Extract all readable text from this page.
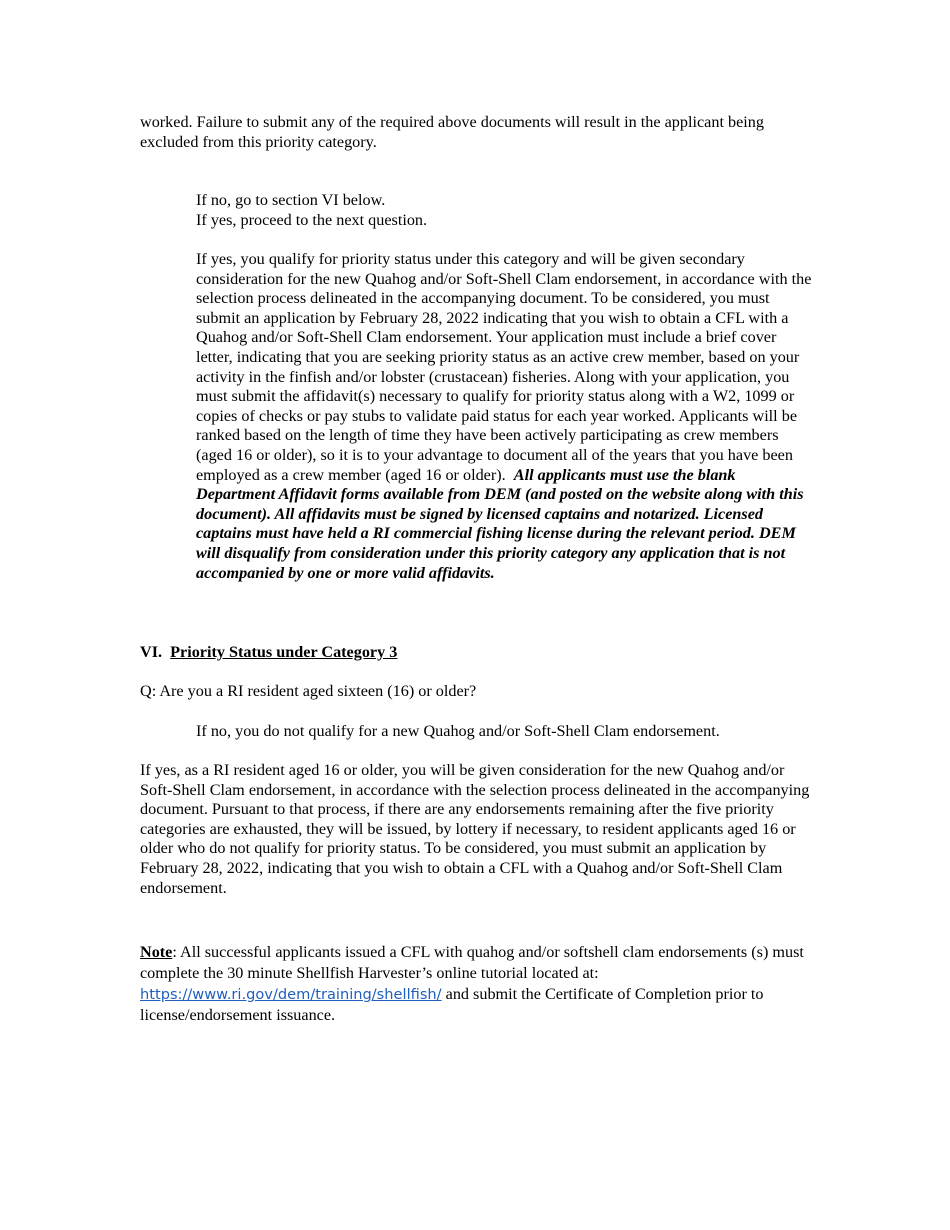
worked. Failure to submit any of the required above documents will result in the applicant being excluded from this priority category.

If no, go to section VI below.

If yes, proceed to the next question.

If yes, you qualify for priority status under this category and will be given secondary consideration for the new Quahog and/or Soft-Shell Clam endorsement, in accordance with the selection process delineated in the accompanying document. To be considered, you must submit an application by February 28, 2022 indicating that you wish to obtain a CFL with a Quahog and/or Soft-Shell Clam endorsement. Your application must include a brief cover letter, indicating that you are seeking priority status as an active crew member, based on your activity in the finfish and/or lobster (crustacean) fisheries. Along with your application, you must submit the affidavit(s) necessary to qualify for priority status along with a W2, 1099 or copies of checks or pay stubs to validate paid status for each year worked. Applicants will be ranked based on the length of time they have been actively participating as crew members (aged 16 or older), so it is to your advantage to document all of the years that you have been employed as a crew member (aged 16 or older). All applicants must use the blank Department Affidavit forms available from DEM (and posted on the website along with this document). All affidavits must be signed by licensed captains and notarized. Licensed captains must have held a RI commercial fishing license during the relevant period. DEM will disqualify from consideration under this priority category any application that is not accompanied by one or more valid affidavits.

VI. Priority Status under Category 3

Q: Are you a RI resident aged sixteen (16) or older?

If no, you do not qualify for a new Quahog and/or Soft-Shell Clam endorsement.

If yes, as a RI resident aged 16 or older, you will be given consideration for the new Quahog and/or Soft-Shell Clam endorsement, in accordance with the selection process delineated in the accompanying document. Pursuant to that process, if there are any endorsements remaining after the five priority categories are exhausted, they will be issued, by lottery if necessary, to resident applicants aged 16 or older who do not qualify for priority status. To be considered, you must submit an application by February 28, 2022, indicating that you wish to obtain a CFL with a Quahog and/or Soft-Shell Clam endorsement.

Note: All successful applicants issued a CFL with quahog and/or softshell clam endorsements (s) must complete the 30 minute Shellfish Harvester’s online tutorial located at: https://www.ri.gov/dem/training/shellfish/ and submit the Certificate of Completion prior to license/endorsement issuance.
